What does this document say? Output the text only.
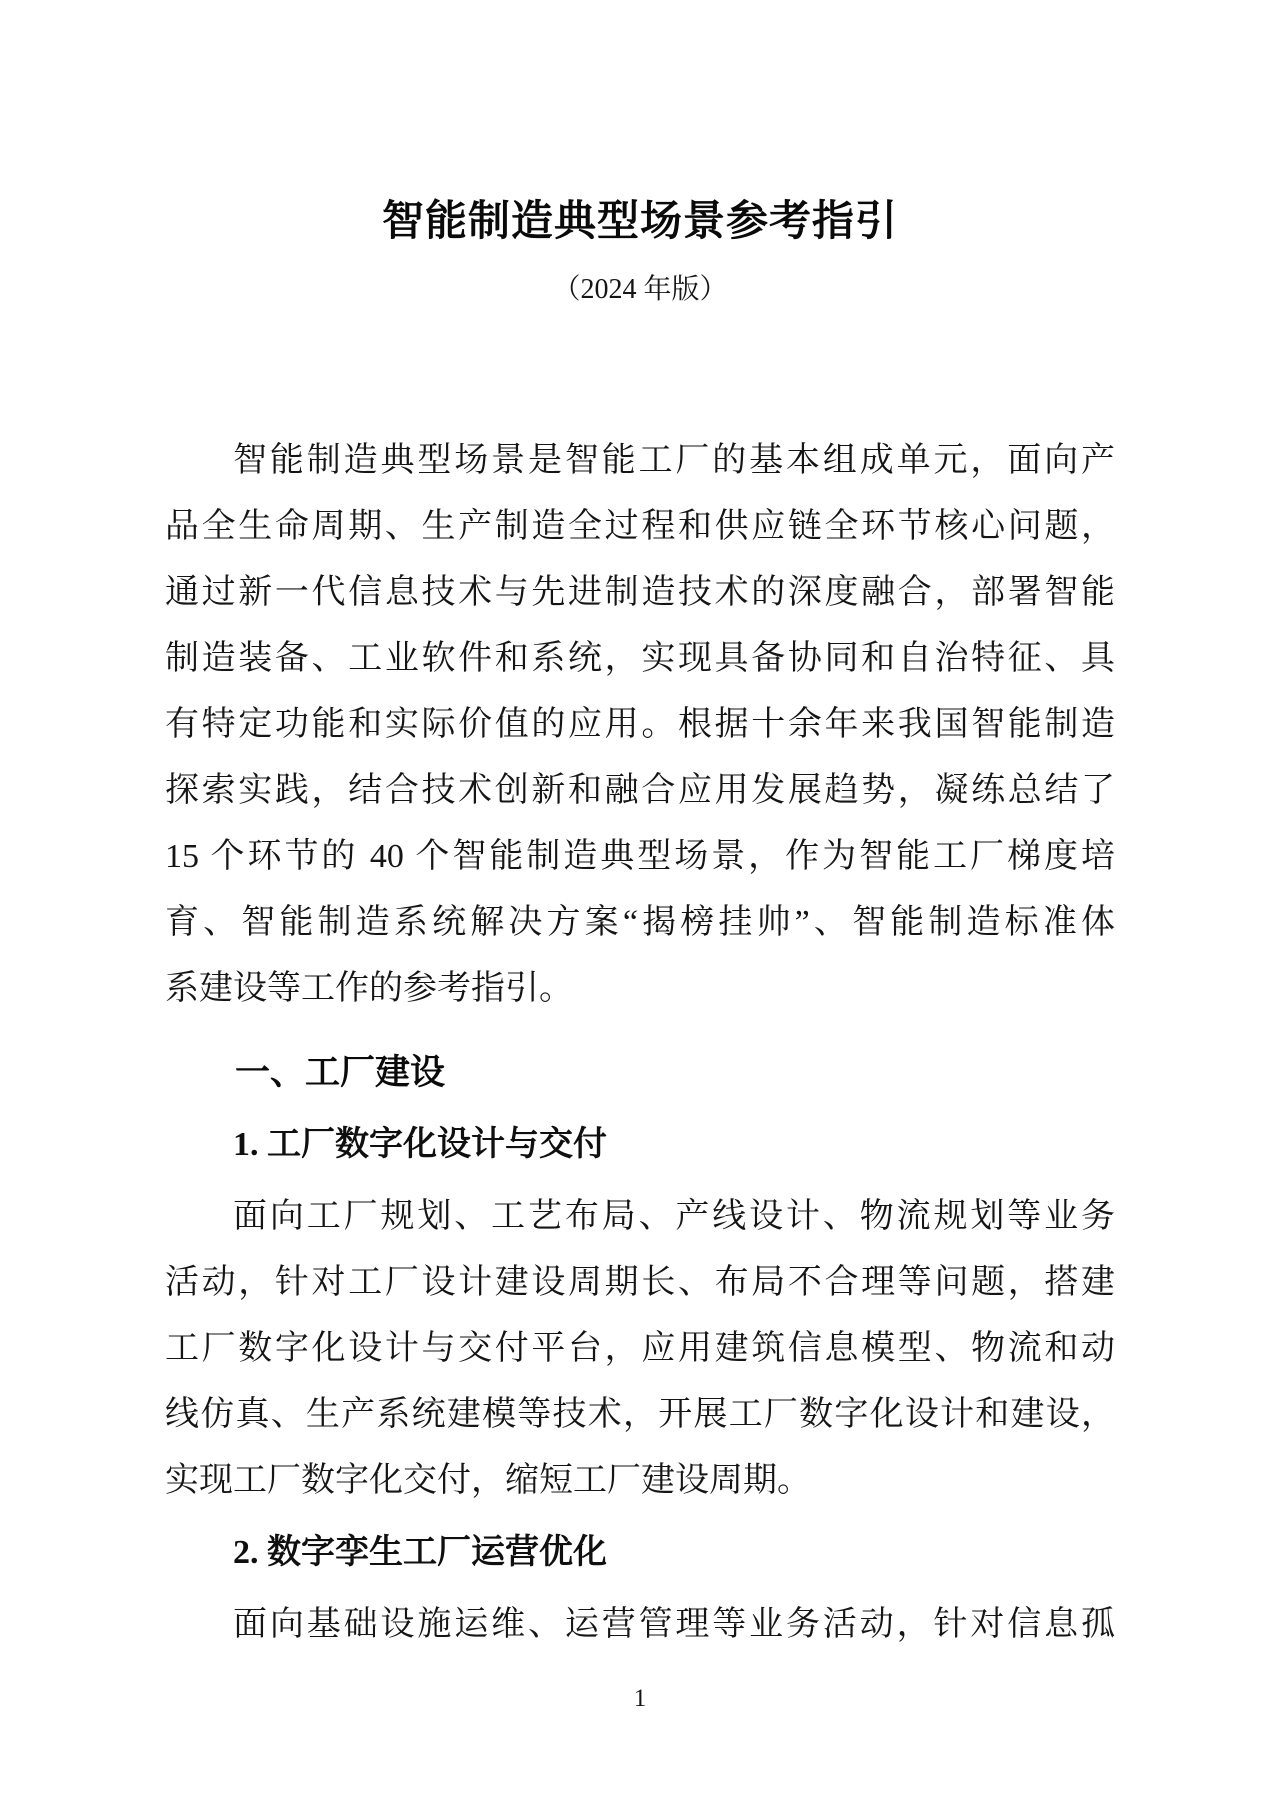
智能制造典型场景参考指引
（2024 年版）
智能制造典型场景是智能工厂的基本组成单元，面向产
品全生命周期、生产制造全过程和供应链全环节核心问题，
通过新一代信息技术与先进制造技术的深度融合，部署智能
制造装备、工业软件和系统，实现具备协同和自治特征、具
有特定功能和实际价值的应用。根据十余年来我国智能制造
探索实践，结合技术创新和融合应用发展趋势，凝练总结了
15 个环节的 40 个智能制造典型场景，作为智能工厂梯度培
育、智能制造系统解决方案“揭榜挂帅”、智能制造标准体
系建设等工作的参考指引。
一、工厂建设
1. 工厂数字化设计与交付
面向工厂规划、工艺布局、产线设计、物流规划等业务
活动，针对工厂设计建设周期长、布局不合理等问题，搭建
工厂数字化设计与交付平台，应用建筑信息模型、物流和动
线仿真、生产系统建模等技术，开展工厂数字化设计和建设，
实现工厂数字化交付，缩短工厂建设周期。
2. 数字孪生工厂运营优化
面向基础设施运维、运营管理等业务活动，针对信息孤
1
